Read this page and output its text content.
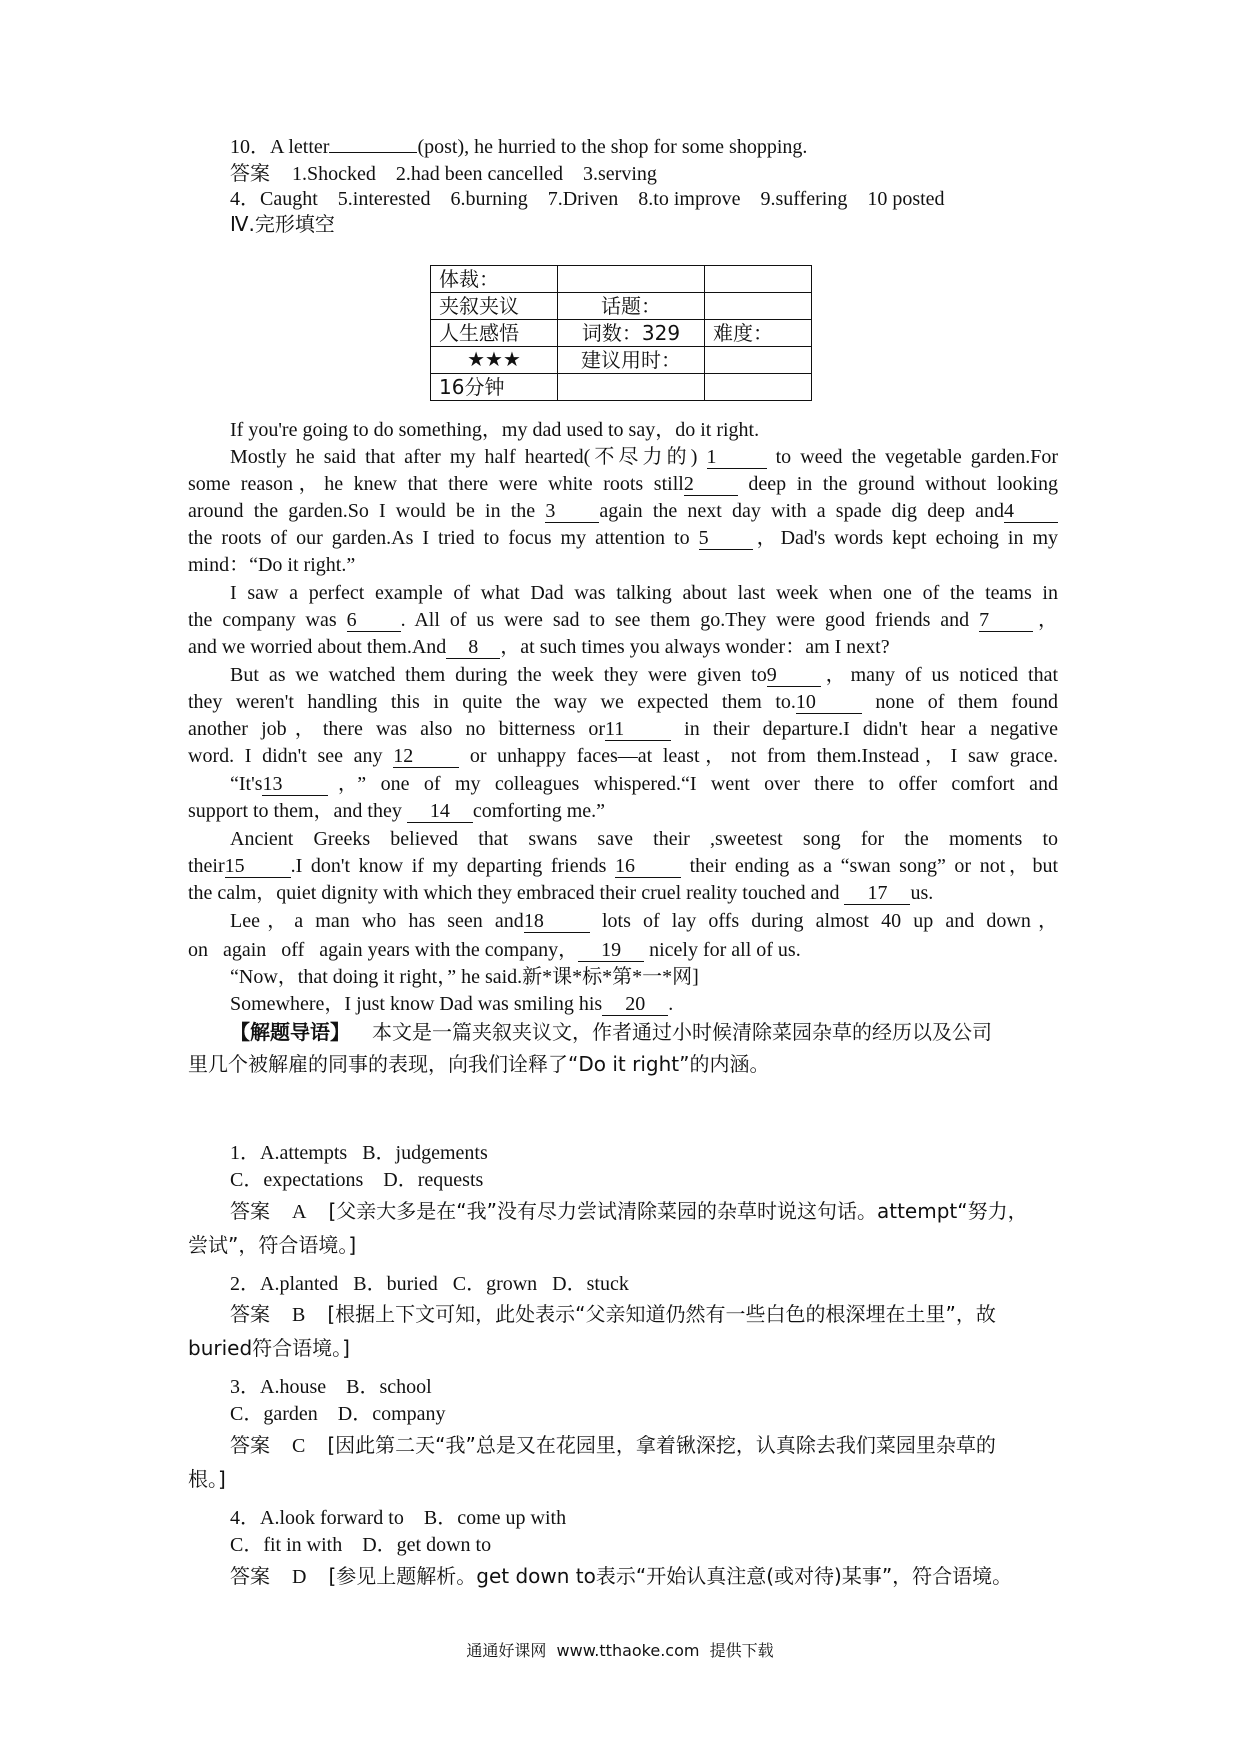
10．A letter	(post), he hurried to the shop for some shopping.
答案 1.Shocked    2.had been cancelled    3.serving
4．Caught    5.interested    6.burning    7.Driven    8.to improve    9.suffering    10 posted
Ⅳ.完形填空
体裁：		
夹叙夹议	话题：	
人生感悟	词数：329	难度：
★★★	建议用时：	
16分钟		
If you're going to do something，my dad used to say，do it right.
Mostly he said that after my half hearted(不尽力的) 1	to weed the vegetable garden.For
some reason，he knew that there were white roots still2	deep in the ground without looking
around the garden.So I would be in the 3 again the next day with a spade dig deep and4
the roots of our garden.As I tried to focus my attention to 5 ，Dad's words kept echoing in my
mind：“Do it right.”
I saw a perfect example of what Dad was talking about last week when one of the teams in
the company was 6 . All of us were sad to see them go.They were good friends and 7 ，
and we worried about them.And 8 ，at such times you always wonder：am I next?
But as we watched them during the week they were given to9 ，many of us noticed that
they weren't handling this in quite the way we expected them to.10	none of them found
another job，there was also no bitterness or11	in their departure.I didn't hear a negative
word. I didn't see any 12	or unhappy faces—at least，not from them.Instead，I saw grace.
“It's13 ，” one of my colleagues whispered.“I went over there to offer comfort and
support to them，and they 14 comforting me.”
Ancient Greeks believed that swans save their ,sweetest song for the moments to
their15 .I don't know if my departing friends 16	their ending as a “swan song” or not，but
the calm，quiet dignity with which they embraced their cruel reality touched and 17 us.
Lee，a man who has seen and18	lots of lay offs during almost 40 up and down，
on   again   off   again years with the company， 19 nicely for all of us.
“Now，that doing it right，” he said.新*课*标*第*一*网]
Somewhere，I just know Dad was smiling his 20 .
【解题导语】 本文是一篇夹叙夹议文，作者通过小时候清除菜园杂草的经历以及公司
里几个被解雇的同事的表现，向我们诠释了“Do it right”的内涵。
1．A.attempts   B．judgements
C．expectations    D．requests
答案 A [父亲大多是在“我”没有尽力尝试清除菜园的杂草时说这句话。attempt“努力，
尝试”，符合语境。]
2．A.planted   B．buried   C．grown   D．stuck
答案 B [根据上下文可知，此处表示“父亲知道仍然有一些白色的根深埋在土里”，故
buried符合语境。]
3．A.house    B．school
C．garden    D．company
答案 C [因此第二天“我”总是又在花园里，拿着锹深挖，认真除去我们菜园里杂草的
根。]
4．A.look forward to    B．come up with
C．fit in with    D．get down to
答案 D [参见上题解析。get down to表示“开始认真注意(或对待)某事”，符合语境。
通通好课网  www.tthaoke.com  提供下载
